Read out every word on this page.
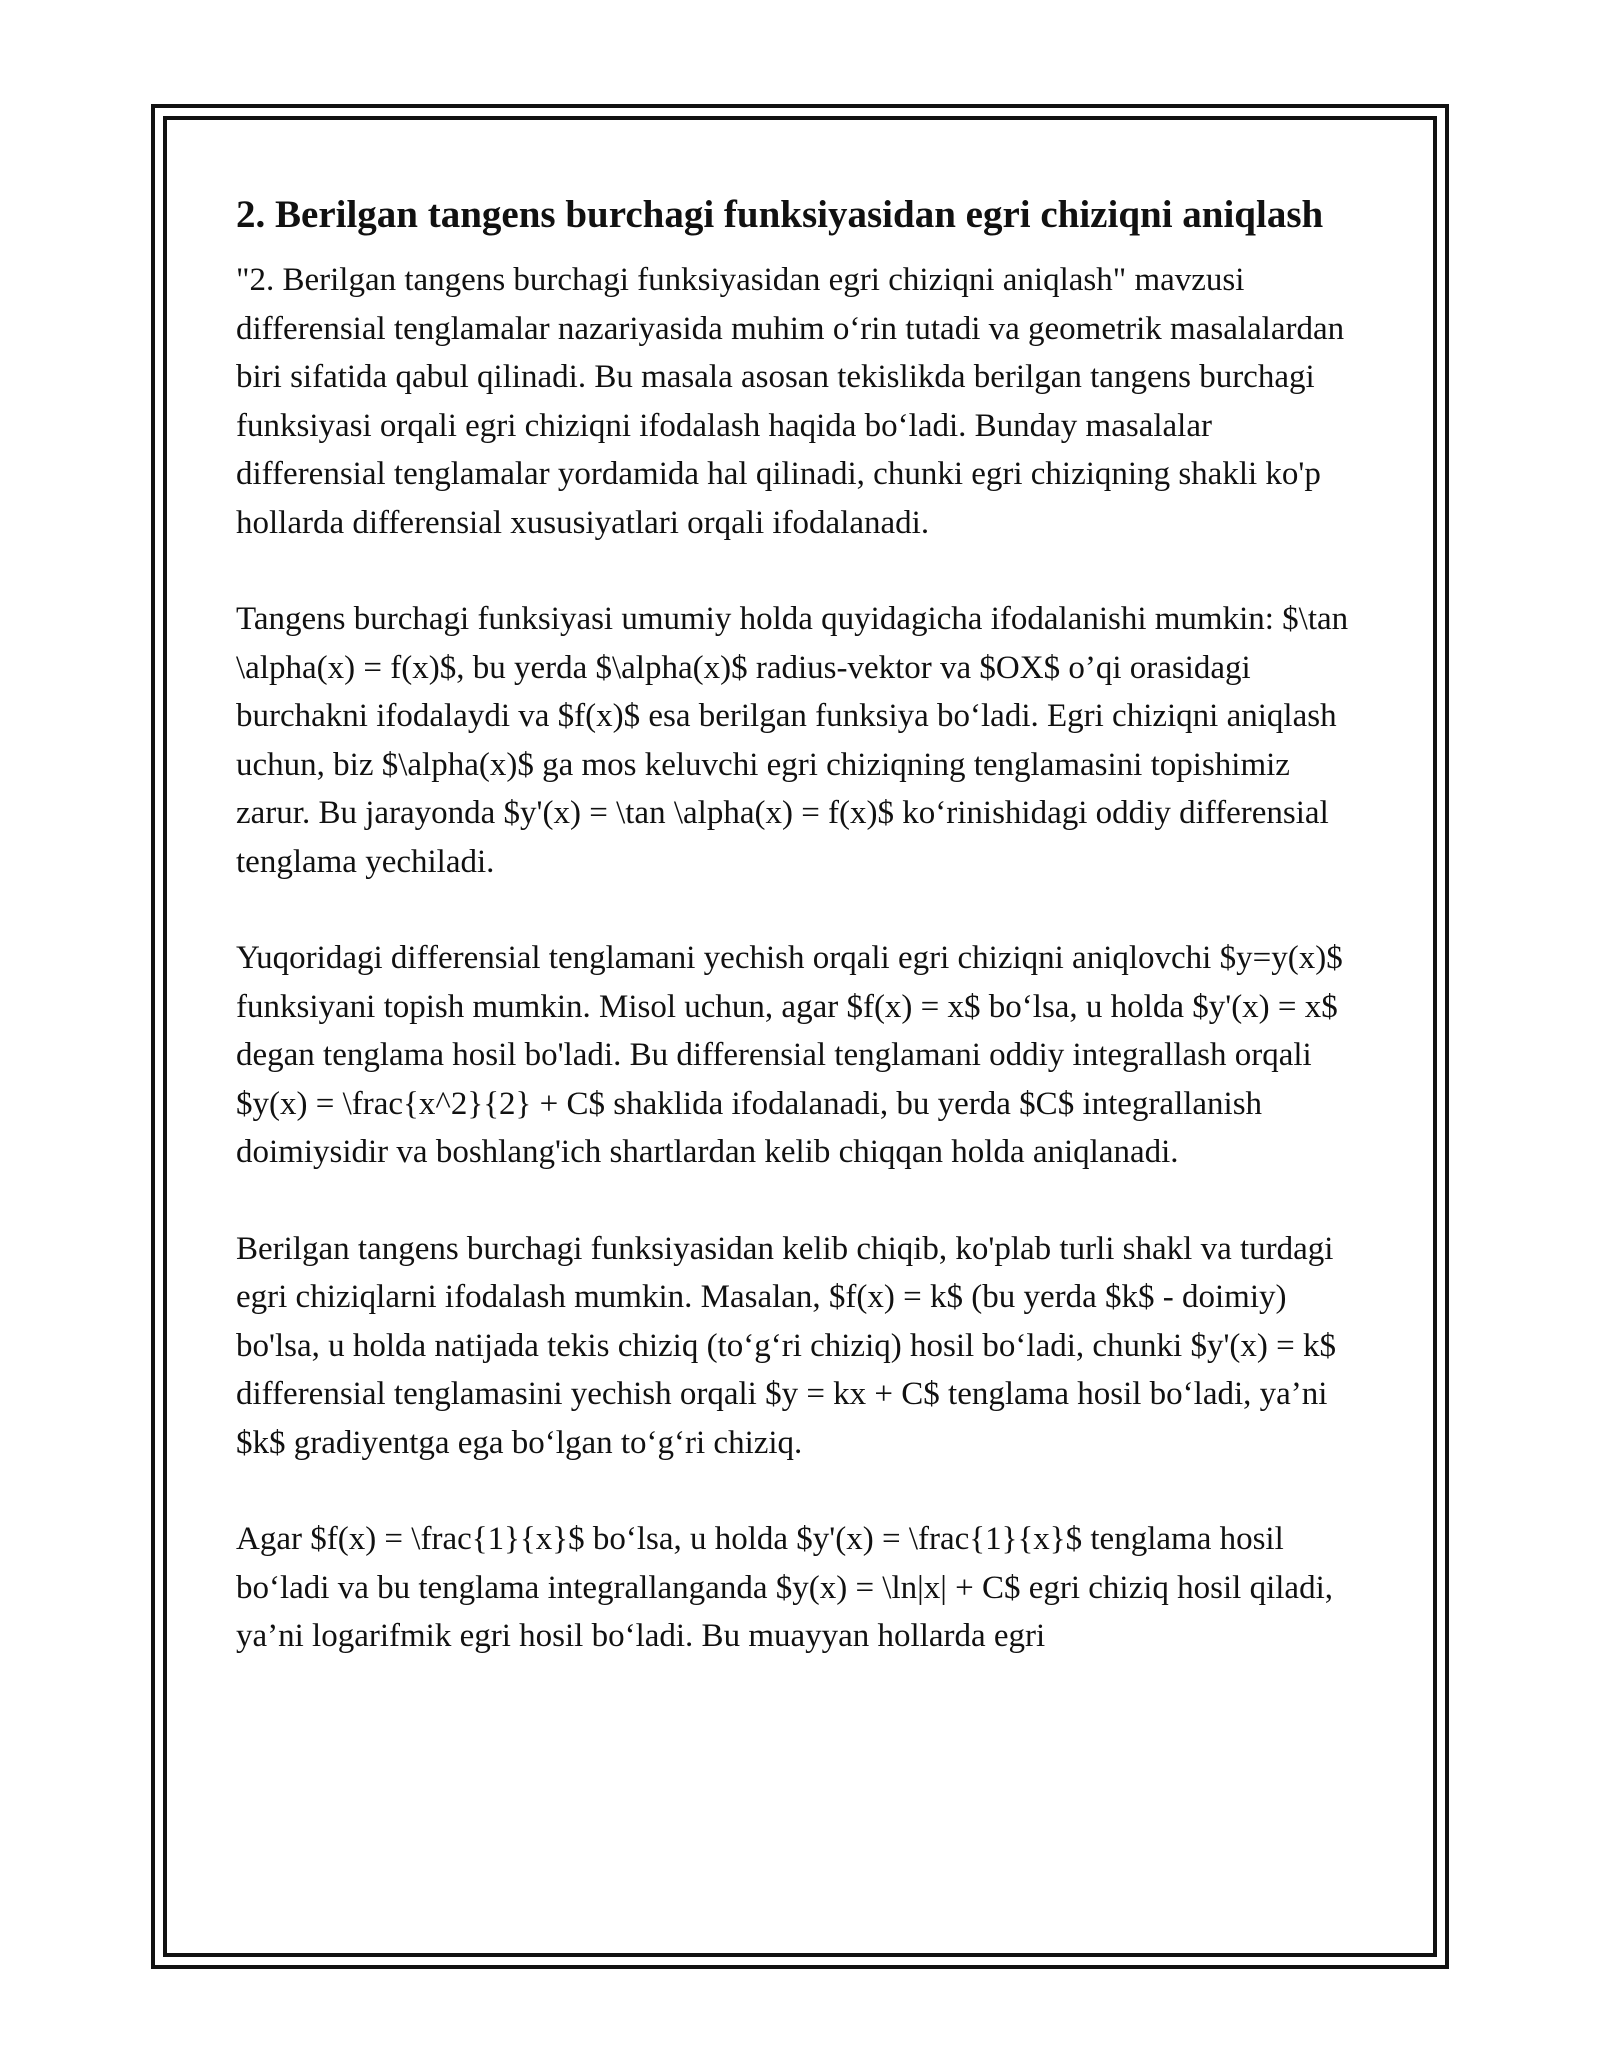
2. Berilgan tangens burchagi funksiyasidan egri chiziqni aniqlash

"2. Berilgan tangens burchagi funksiyasidan egri chiziqni aniqlash" mavzusi differensial tenglamalar nazariyasida muhim oʻrin tutadi va geometrik masalalardan biri sifatida qabul qilinadi. Bu masala asosan tekislikda berilgan tangens burchagi funksiyasi orqali egri chiziqni ifodalash haqida boʻladi. Bunday masalalar differensial tenglamalar yordamida hal qilinadi, chunki egri chiziqning shakli ko'p hollarda differensial xususiyatlari orqali ifodalanadi.

Tangens burchagi funksiyasi umumiy holda quyidagicha ifodalanishi mumkin: $\tan \alpha(x) = f(x)$, bu yerda $\alpha(x)$ radius-vektor va $OX$ o’qi orasidagi burchakni ifodalaydi va $f(x)$ esa berilgan funksiya boʻladi. Egri chiziqni aniqlash uchun, biz $\alpha(x)$ ga mos keluvchi egri chiziqning tenglamasini topishimiz zarur. Bu jarayonda $y'(x) = \tan \alpha(x) = f(x)$ koʻrinishidagi oddiy differensial tenglama yechiladi.

Yuqoridagi differensial tenglamani yechish orqali egri chiziqni aniqlovchi $y=y(x)$ funksiyani topish mumkin. Misol uchun, agar $f(x) = x$ boʻlsa, u holda $y'(x) = x$ degan tenglama hosil bo'ladi. Bu differensial tenglamani oddiy integrallash orqali $y(x) = \frac{x^2}{2} + C$ shaklida ifodalanadi, bu yerda $C$ integrallanish doimiysidir va boshlang'ich shartlardan kelib chiqqan holda aniqlanadi.

Berilgan tangens burchagi funksiyasidan kelib chiqib, ko'plab turli shakl va turdagi egri chiziqlarni ifodalash mumkin. Masalan, $f(x) = k$ (bu yerda $k$ - doimiy) bo'lsa, u holda natijada tekis chiziq (toʻgʻri chiziq) hosil boʻladi, chunki $y'(x) = k$ differensial tenglamasini yechish orqali $y = kx + C$ tenglama hosil boʻladi, ya’ni $k$ gradiyentga ega boʻlgan toʻgʻri chiziq.

Agar $f(x) = \frac{1}{x}$ boʻlsa, u holda $y'(x) = \frac{1}{x}$ tenglama hosil boʻladi va bu tenglama integrallanganda $y(x) = \ln|x| + C$ egri chiziq hosil qiladi, ya’ni logarifmik egri hosil boʻladi. Bu muayyan hollarda egri
